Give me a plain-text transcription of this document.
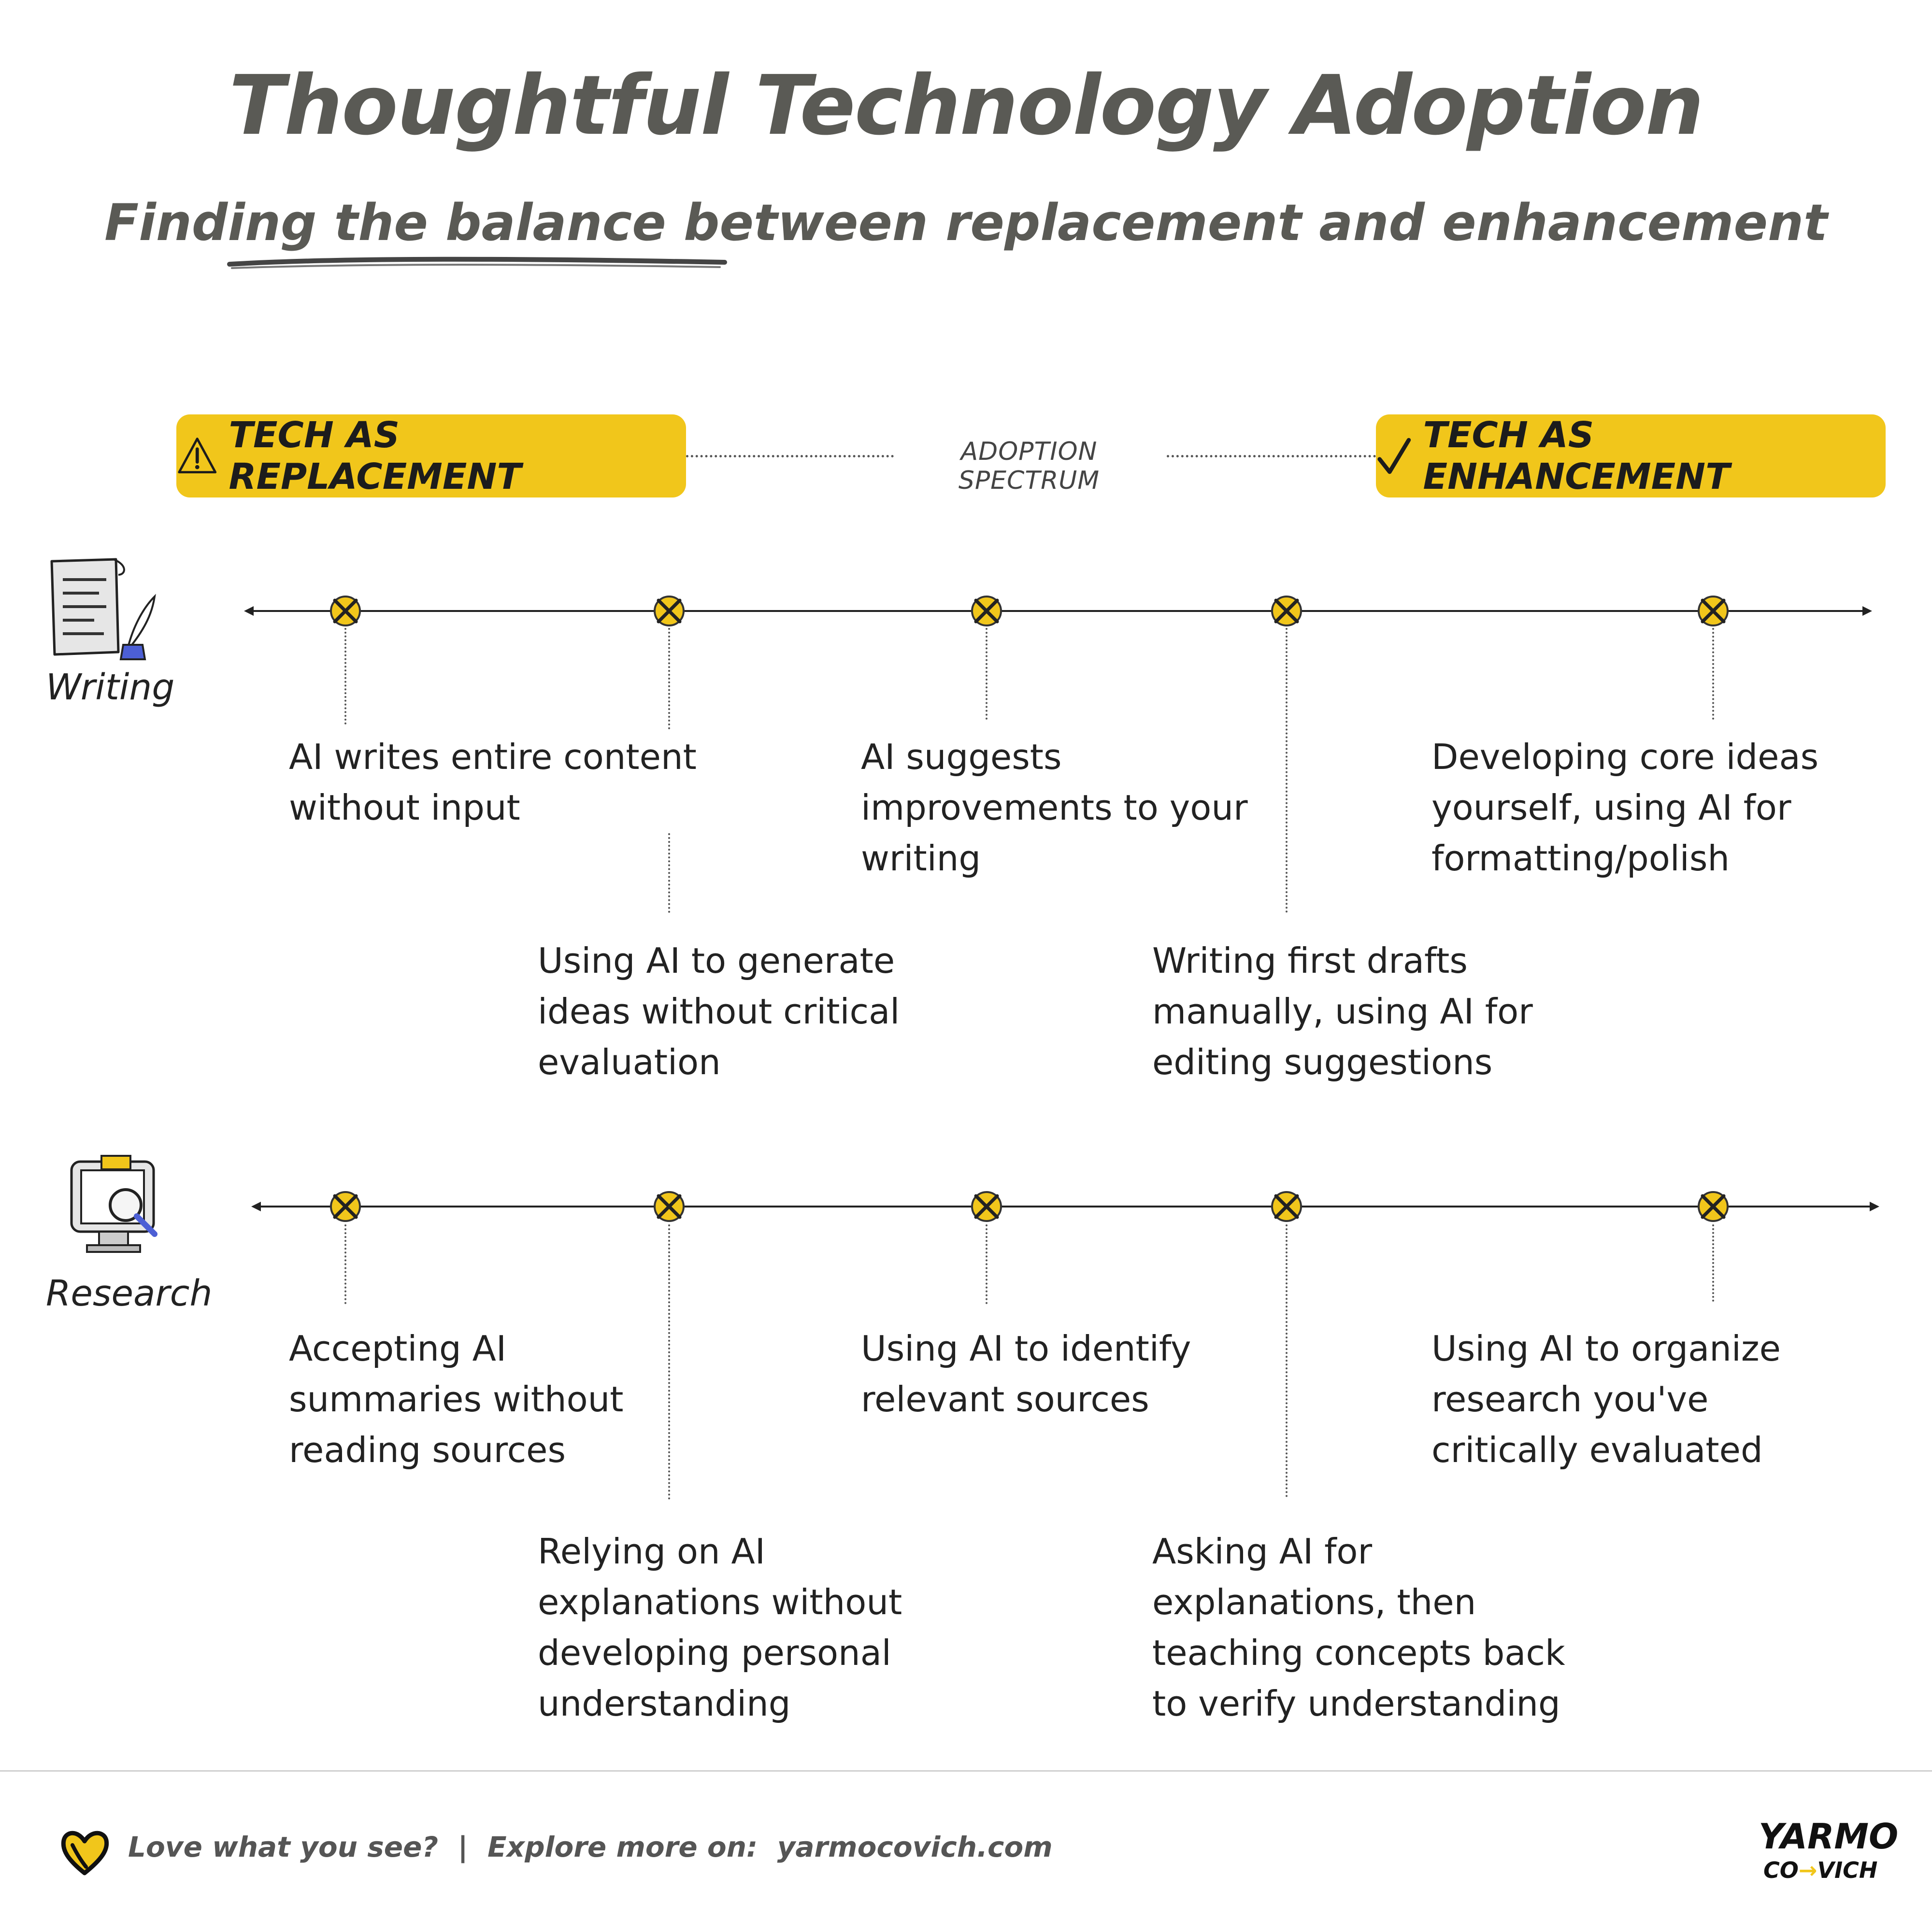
Thoughtful Technology Adoption
Finding the balance between replacement and enhancement
TECH AS REPLACEMENT
ADOPTION SPECTRUM
TECH AS ENHANCEMENT
Writing
AI writes entire content without input
Using AI to generate ideas without critical evaluation
AI suggests improvements to your writing
Writing first drafts manually, using AI for editing suggestions
Developing core ideas yourself, using AI for formatting/polish
Research
Accepting AI summaries without reading sources
Relying on AI explanations without developing personal understanding
Using AI to identify relevant sources
Asking AI for explanations, then teaching concepts back to verify understanding
Using AI to organize research you've critically evaluated
Love what you see? | Explore more on: yarmocovich.com	YARMO
CO→VICH
